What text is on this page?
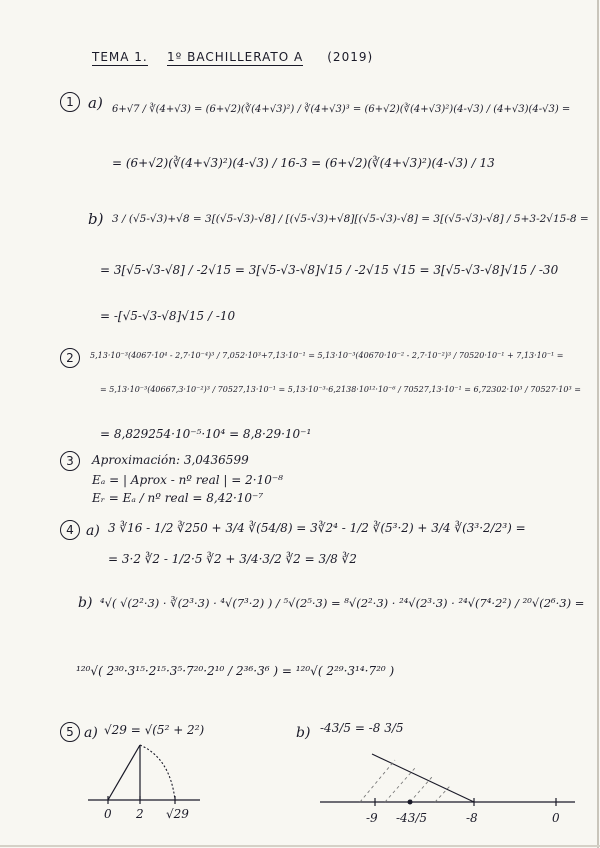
TEMA 1. 1º BACHILLERATO A (2019)
1 a) 6+√7 / ∛(4+√3) = (6+√2)(∛(4+√3)²) / ∛(4+√3)³ = (6+√2)(∛(4+√3)²)(4-√3) / (4+√3)(4-√3) =
= (6+√2)(∛(4+√3)²)(4-√3) / 16-3 = (6+√2)(∛(4+√3)²)(4-√3) / 13
b) 3 / (√5-√3)+√8 = 3[(√5-√3)-√8] / [(√5-√3)+√8][(√5-√3)-√8] = 3[(√5-√3)-√8] / 5+3-2√15-8 =
= 3[√5-√3-√8] / -2√15 = 3[√5-√3-√8]√15 / -2√15 √15 = 3[√5-√3-√8]√15 / -30
= -[√5-√3-√8]√15 / -10
2	5,13·10⁻³(4067·10⁴ - 2,7·10⁻⁴)³ / 7,052·10³+7,13·10⁻¹ = 5,13·10⁻³(40670·10⁻² - 2,7·10⁻²)³ / 70520·10⁻¹ + 7,13·10⁻¹ =
= 5,13·10⁻³(40667,3·10⁻²)³ / 70527,13·10⁻¹ = 5,13·10⁻³·6,2138·10¹²·10⁻⁶ / 70527,13·10⁻¹ = 6,72302·10³ / 70527·10³ =
= 8,829254·10⁻⁵·10⁴ = 8,8·29·10⁻¹
3	Aproximación: 3,0436599
Eₐ = | Aprox - nº real | = 2·10⁻⁸
Eᵣ = Eₐ / nº real = 8,42·10⁻⁷
4 a) 3 ∛16 - 1/2 ∛250 + 3/4 ∛(54/8) = 3∛2⁴ - 1/2 ∛(5³·2) + 3/4 ∛(3³·2/2³) =
= 3·2 ∛2 - 1/2·5 ∛2 + 3/4·3/2 ∛2 = 3/8 ∛2
b) ⁴√( √(2²·3) · ∛(2³·3) · ⁴√(7³·2) ) / ⁵√(2⁵·3) = ⁸√(2²·3) · ²⁴√(2³·3) · ²⁴√(7⁴·2²) / ²⁰√(2⁶·3) =
¹²⁰√( 2³⁰·3¹⁵·2¹⁵·3⁵·7²⁰·2¹⁰ / 2³⁶·3⁶ ) = ¹²⁰√( 2²⁹·3¹⁴·7²⁰ )
5 a) √29 = √(5² + 2²)	b) -43/5 = -8 3/5
0 2 √29	-9 -43/5	-8	0
